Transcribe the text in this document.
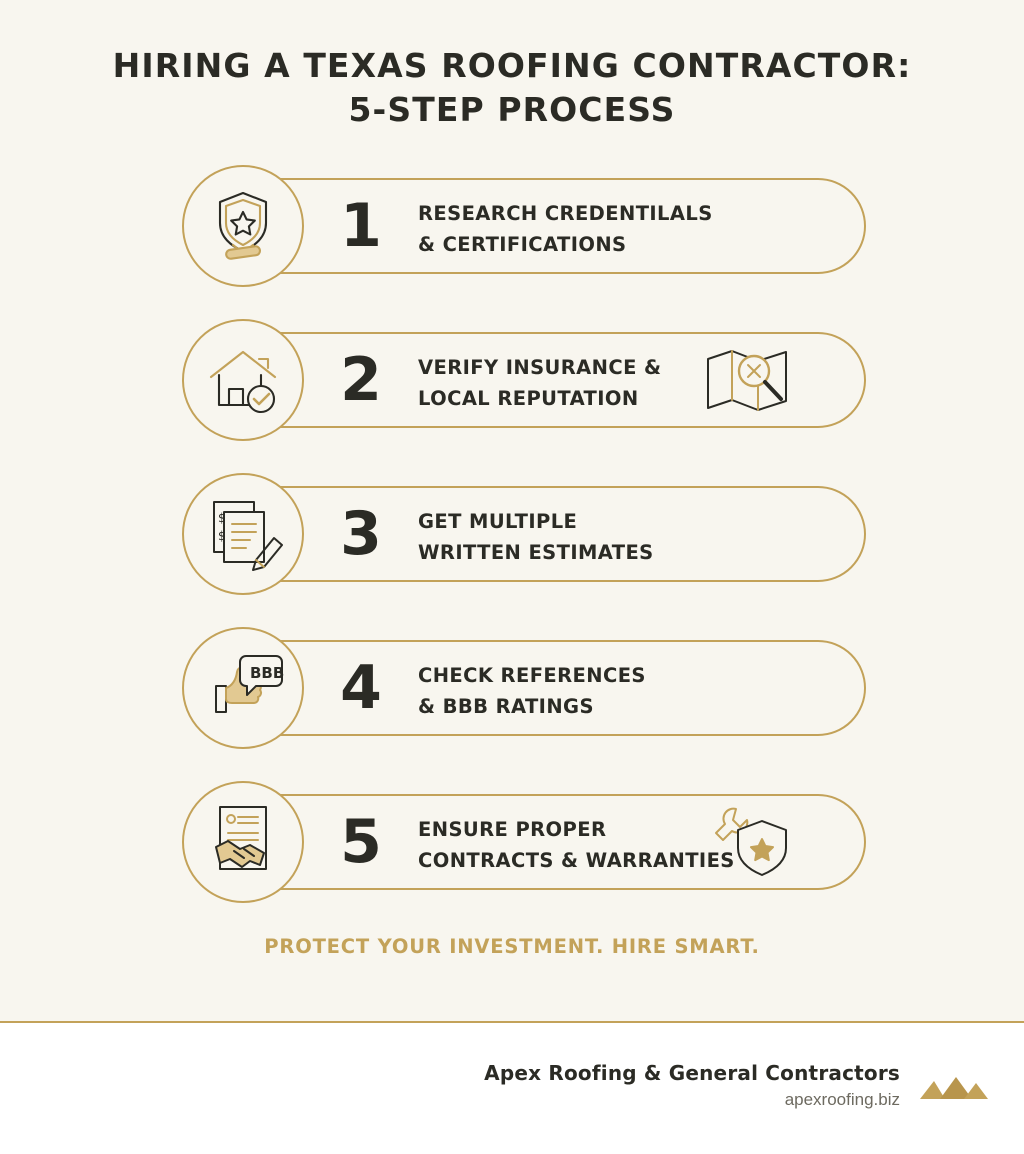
HIRING A TEXAS ROOFING CONTRACTOR:
5-STEP PROCESS
1	RESEARCH CREDENTILALS
& CERTIFICATIONS
2	VERIFY INSURANCE &
LOCAL REPUTATION
$
$ 3	GET MULTIPLE
WRITTEN ESTIMATES
BBB 4	CHECK REFERENCES
& BBB RATINGS
5	ENSURE PROPER
CONTRACTS & WARRANTIES
PROTECT YOUR INVESTMENT. HIRE SMART.
Apex Roofing & General Contractors
apexroofing.biz
